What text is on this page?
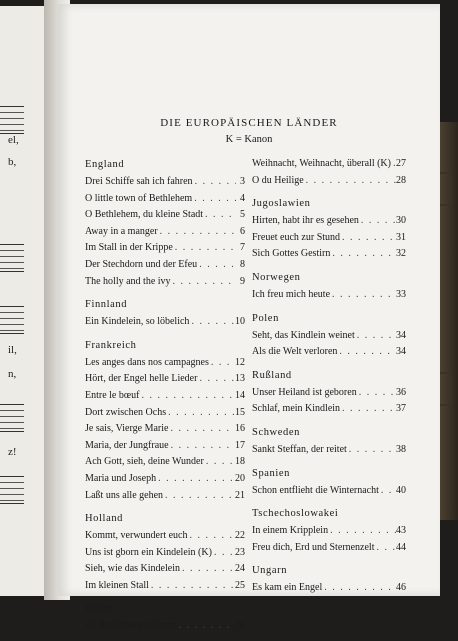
el,
b,
il,
n,
z!
DIE EUROPÄISCHEN LÄNDER
K = Kanon
England
Drei Schiffe sah ich fahren . . .	3
O little town of Bethlehem . . .	4
O Bethlehem, du kleine Stadt . . .	5
Away in a manger . . .	6
Im Stall in der Krippe . . .	7
Der Stechdorn und der Efeu . . .	8
The holly and the ivy . . .	9
Finnland
Ein Kindelein, so löbelich . . .	10
Frankreich
Les anges dans nos campagnes . . .	12
Hört, der Engel helle Lieder . . .	13
Entre le bœuf . . .	14
Dort zwischen Ochs . . .	15
Je sais, Vierge Marie . . .	16
Maria, der Jungfraue . . .	17
Ach Gott, sieh, deine Wunder . . .	18
Maria und Joseph . . .	20
Laßt uns alle gehen . . .	21
Holland
Kommt, verwundert euch . . .	22
Uns ist gborn ein Kindelein (K) . . . 23
Sieh, wie das Kindelein . . .	24
Im kleinen Stall . . .	25
Italien
Zu Bethlehem geboren . . .	26
Weihnacht, Weihnacht, überall (K) . . . 27
O du Heilige . . .	28
Jugoslawien
Hirten, habt ihr es gesehen . . .	30
Freuet euch zur Stund . . .	31
Sich Gottes Gestirn . . .	32
Norwegen
Ich freu mich heute . . .	33
Polen
Seht, das Kindlein weinet . . .	34
Als die Welt verloren . . .	34
Rußland
Unser Heiland ist geboren . . .	36
Schlaf, mein Kindlein . . .	37
Schweden
Sankt Steffan, der reitet . . .	38
Spanien
Schon entflieht die Winternacht . . . 40
Tschechoslowakei
In einem Kripplein . . .	43
Freu dich, Erd und Sternenzelt . . . 44
Ungarn
Es kam ein Engel . . .	46
